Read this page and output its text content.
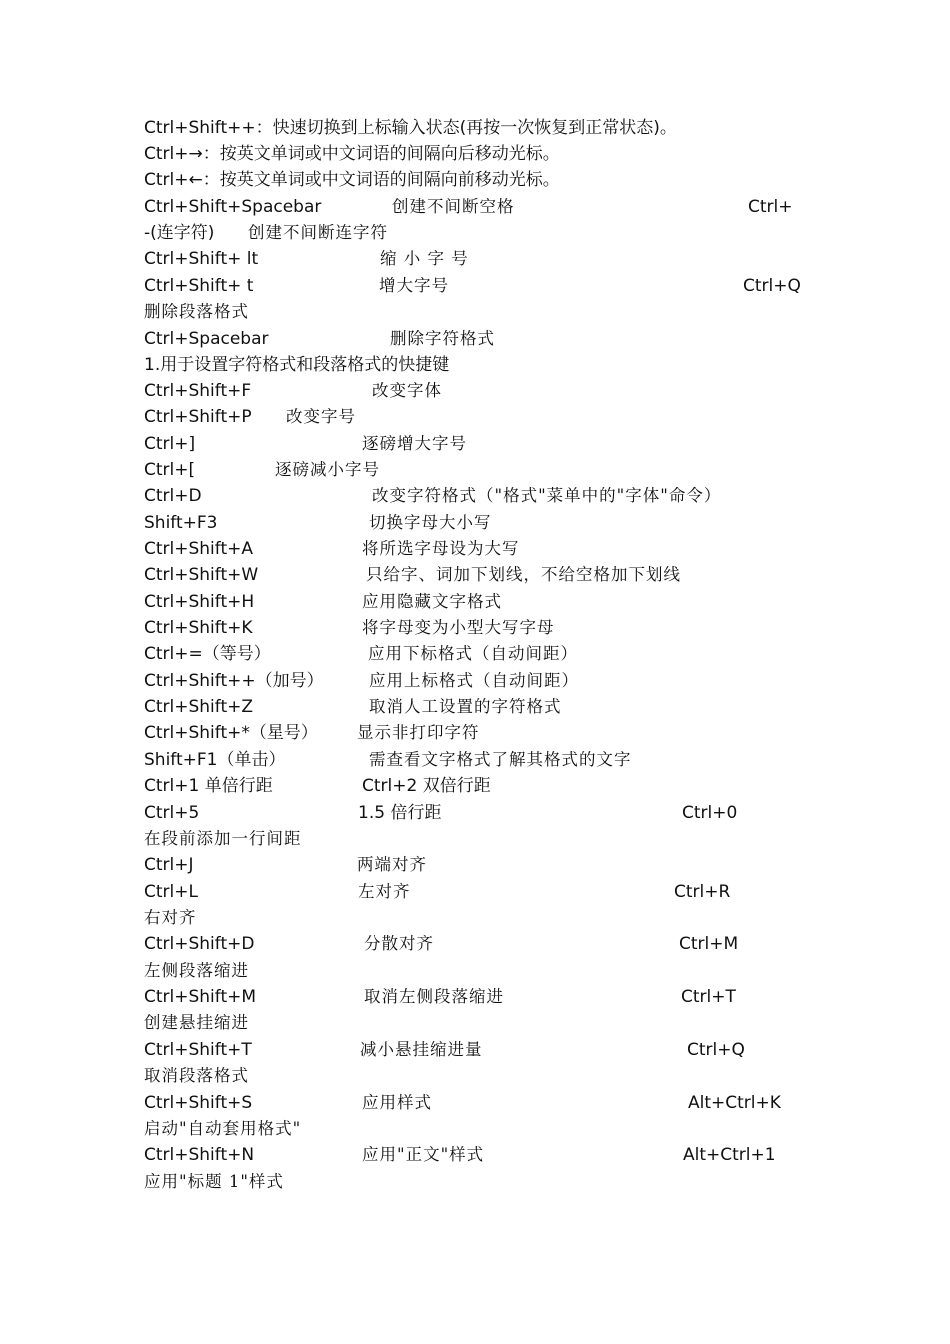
Ctrl+Shift++：快速切换到上标输入状态(再按一次恢复到正常状态)。
Ctrl+→：按英文单词或中文词语的间隔向后移动光标。
Ctrl+←：按英文单词或中文词语的间隔向前移动光标。
Ctrl+Shift+Spacebar	创建不间断空格	Ctrl+
-(连字符) 创建不间断连字符
Ctrl+Shift+ lt	缩 小 字 号
Ctrl+Shift+ t	增大字号	Ctrl+Q
删除段落格式
Ctrl+Spacebar	删除字符格式
1.用于设置字符格式和段落格式的快捷键
Ctrl+Shift+F	改变字体
Ctrl+Shift+P 改变字号
Ctrl+]	逐磅增大字号
Ctrl+[	逐磅减小字号
Ctrl+D	改变字符格式（"格式"菜单中的"字体"命令）
Shift+F3	切换字母大小写
Ctrl+Shift+A	将所选字母设为大写
Ctrl+Shift+W	只给字、词加下划线，不给空格加下划线
Ctrl+Shift+H	应用隐藏文字格式
Ctrl+Shift+K	将字母变为小型大写字母
Ctrl+=（等号）	应用下标格式（自动间距）
Ctrl+Shift++（加号）	应用上标格式（自动间距）
Ctrl+Shift+Z	取消人工设置的字符格式
Ctrl+Shift+*（星号） 显示非打印字符
Shift+F1（单击）	需查看文字格式了解其格式的文字
Ctrl+1 单倍行距	Ctrl+2 双倍行距
Ctrl+5	1.5 倍行距	Ctrl+0
在段前添加一行间距
Ctrl+J	两端对齐
Ctrl+L	左对齐	Ctrl+R
右对齐
Ctrl+Shift+D	分散对齐	Ctrl+M
左侧段落缩进
Ctrl+Shift+M	取消左侧段落缩进	Ctrl+T
创建悬挂缩进
Ctrl+Shift+T	减小悬挂缩进量	Ctrl+Q
取消段落格式
Ctrl+Shift+S	应用样式	Alt+Ctrl+K
启动"自动套用格式"
Ctrl+Shift+N	应用"正文"样式	Alt+Ctrl+1
应用"标题 1"样式
